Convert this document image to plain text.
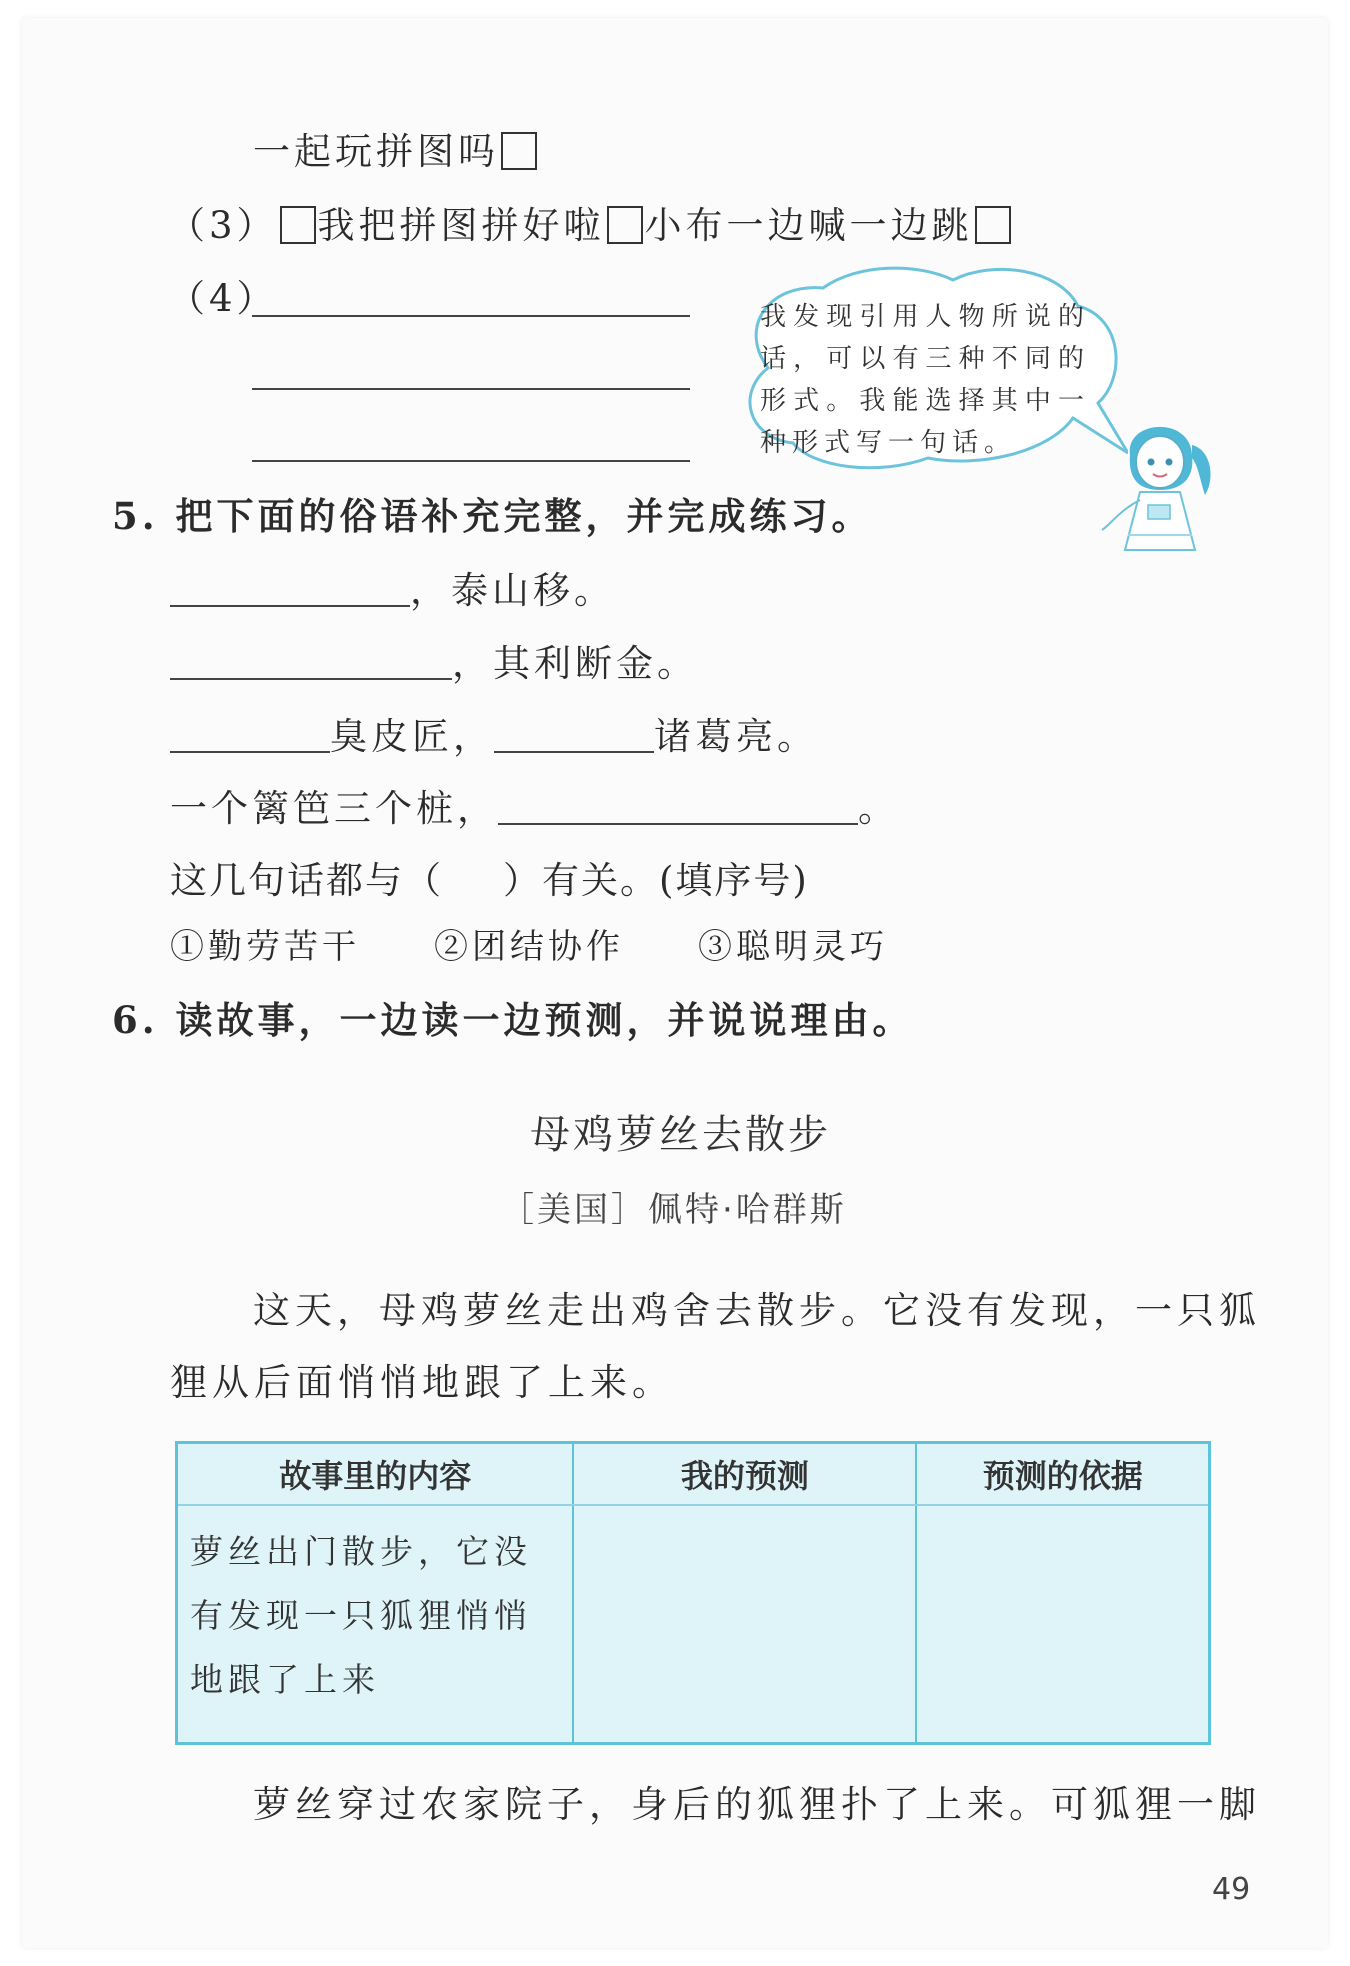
一起玩拼图吗
（3） 我把拼图拼好啦 小布一边喊一边跳
（4）	我发现引用人物所说的话，可以有三种不同的形式。我能选择其中一种形式写一句话。
5. 把下面的俗语补充完整，并完成练习。
，泰山移。
，其利断金。
臭皮匠，	诸葛亮。
一个篱笆三个桩，	。
这几句话都与（ ）有关。(填序号)
①勤劳苦干 ②团结协作 ③聪明灵巧
6. 读故事，一边读一边预测，并说说理由。
母鸡萝丝去散步
［美国］佩特·哈群斯
这天，母鸡萝丝走出鸡舍去散步。它没有发现，一只狐
狸从后面悄悄地跟了上来。
故事里的内容	我的预测	预测的依据
萝丝出门散步，它没有发现一只狐狸悄悄地跟了上来		
萝丝穿过农家院子，身后的狐狸扑了上来。可狐狸一脚
49
